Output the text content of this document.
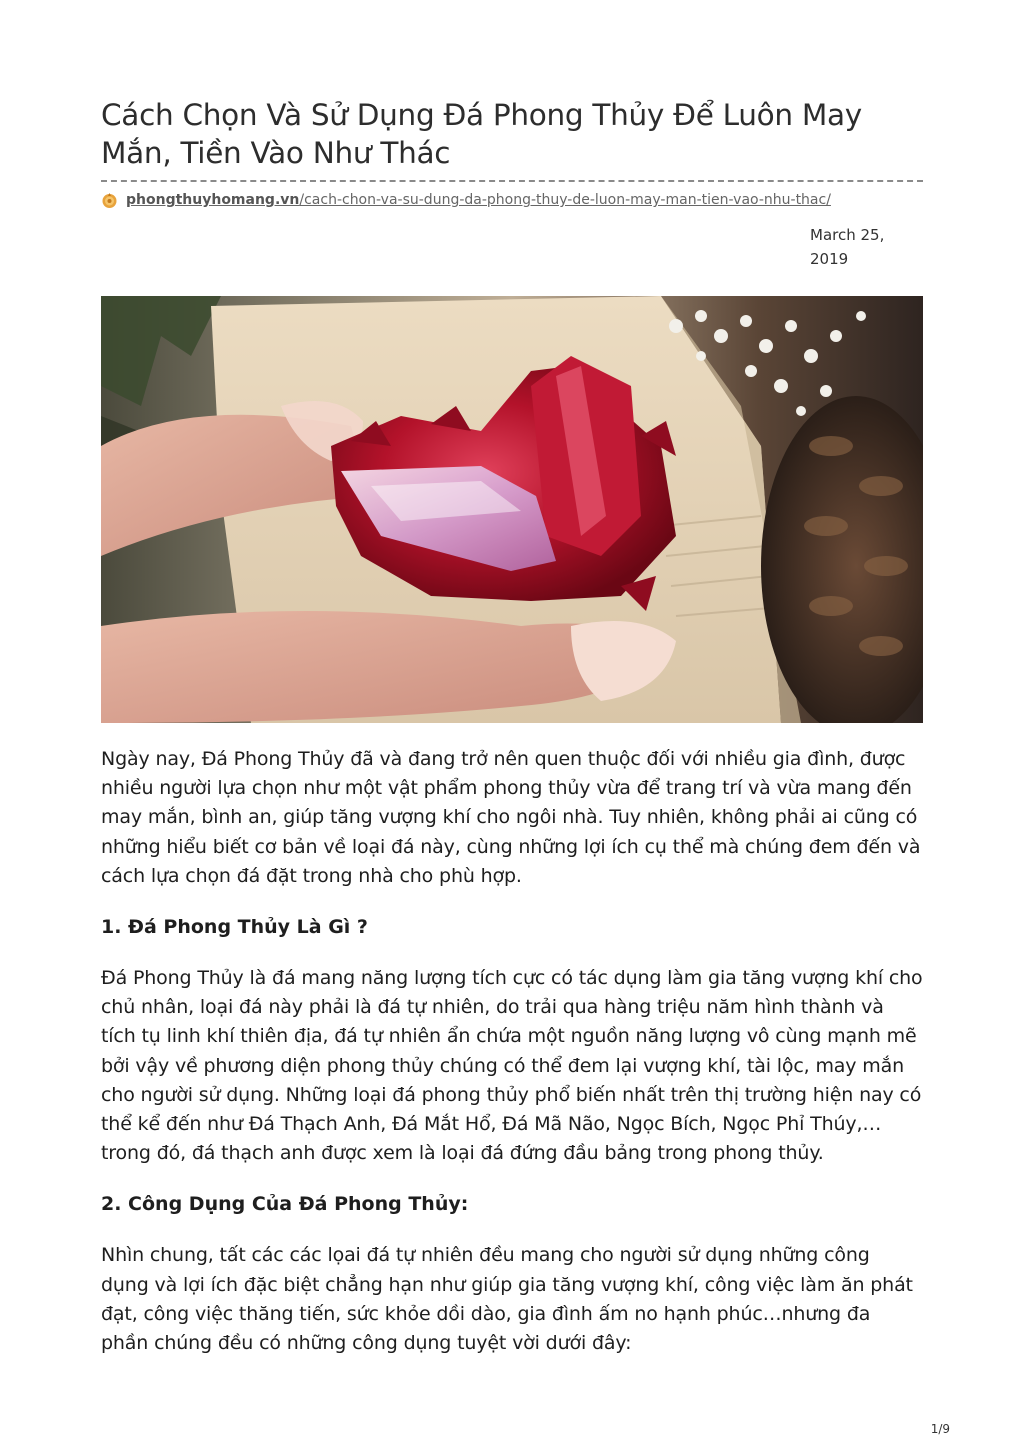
Cách Chọn Và Sử Dụng Đá Phong Thủy Để Luôn May Mắn, Tiền Vào Như Thác
phongthuyhomang.vn/cach-chon-va-su-dung-da-phong-thuy-de-luon-may-man-tien-vao-nhu-thac/
March 25, 2019

Ngày nay, Đá Phong Thủy đã và đang trở nên quen thuộc đối với nhiều gia đình, được nhiều người lựa chọn như một vật phẩm phong thủy vừa để trang trí và vừa mang đến may mắn, bình an, giúp tăng vượng khí cho ngôi nhà. Tuy nhiên, không phải ai cũng có những hiểu biết cơ bản về loại đá này, cùng những lợi ích cụ thể mà chúng đem đến và cách lựa chọn đá đặt trong nhà cho phù hợp.

1. Đá Phong Thủy Là Gì ?

Đá Phong Thủy là đá mang năng lượng tích cực có tác dụng làm gia tăng vượng khí cho chủ nhân, loại đá này phải là đá tự nhiên, do trải qua hàng triệu năm hình thành và tích tụ linh khí thiên địa, đá tự nhiên ẩn chứa một nguồn năng lượng vô cùng mạnh mẽ bởi vậy về phương diện phong thủy chúng có thể đem lại vượng khí, tài lộc, may mắn cho người sử dụng. Những loại đá phong thủy phổ biến nhất trên thị trường hiện nay có thể kể đến như Đá Thạch Anh, Đá Mắt Hổ, Đá Mã Não, Ngọc Bích, Ngọc Phỉ Thúy,… trong đó, đá thạch anh được xem là loại đá đứng đầu bảng trong phong thủy.

2. Công Dụng Của Đá Phong Thủy:

Nhìn chung, tất các các lọai đá tự nhiên đều mang cho người sử dụng những công dụng và lợi ích đặc biệt chẳng hạn như giúp gia tăng vượng khí, công việc làm ăn phát đạt, công việc thăng tiến, sức khỏe dồi dào, gia đình ấm no hạnh phúc…nhưng đa phần chúng đều có những công dụng tuyệt vời dưới đây:

1/9
